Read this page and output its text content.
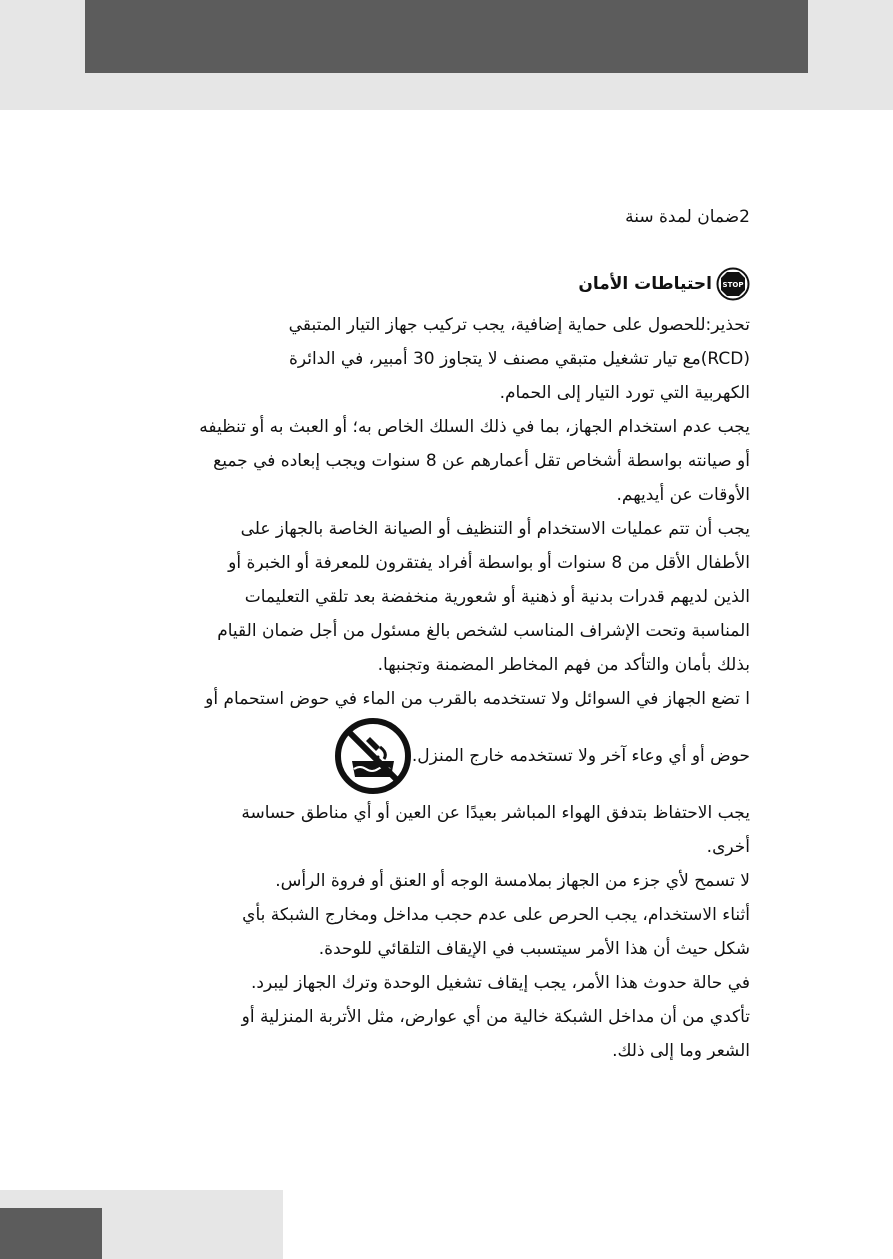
2ضمان لمدة سنة
STOP
احتياطات الأمان

تحذير:للحصول على حماية إضافية، يجب تركيب جهاز التيار المتبقي

(RCD)مع تيار تشغيل متبقي مصنف لا يتجاوز 30 أمبير، في الدائرة

الكهربية التي تورد التيار إلى الحمام.

يجب عدم استخدام الجهاز، بما في ذلك السلك الخاص به؛ أو العبث به أو تنظيفه

أو صيانته بواسطة أشخاص تقل أعمارهم عن 8 سنوات ويجب إبعاده في جميع

الأوقات عن أيديهم.

يجب أن تتم عمليات الاستخدام أو التنظيف أو الصيانة الخاصة بالجهاز على

الأطفال الأقل من 8 سنوات أو بواسطة أفراد يفتقرون للمعرفة أو الخبرة أو

الذين لديهم قدرات بدنية أو ذهنية أو شعورية منخفضة بعد تلقي التعليمات

المناسبة وتحت الإشراف المناسب لشخص بالغ مسئول من أجل ضمان القيام

بذلك بأمان والتأكد من فهم المخاطر المضمنة وتجنبها.

ا تضع الجهاز في السوائل ولا تستخدمه بالقرب من الماء في حوض استحمام أو

حوض أو أي وعاء آخر ولا تستخدمه خارج المنزل.

يجب الاحتفاظ بتدفق الهواء المباشر بعيدًا عن العين أو أي مناطق حساسة

أخرى.

لا تسمح لأي جزء من الجهاز بملامسة الوجه أو العنق أو فروة الرأس.

أثناء الاستخدام، يجب الحرص على عدم حجب مداخل ومخارج الشبكة بأي

شكل حيث أن هذا الأمر سيتسبب في الإيقاف التلقائي للوحدة.

في حالة حدوث هذا الأمر، يجب إيقاف تشغيل الوحدة وترك الجهاز ليبرد.

تأكدي من أن مداخل الشبكة خالية من أي عوارض، مثل الأتربة المنزلية أو

الشعر وما إلى ذلك.
